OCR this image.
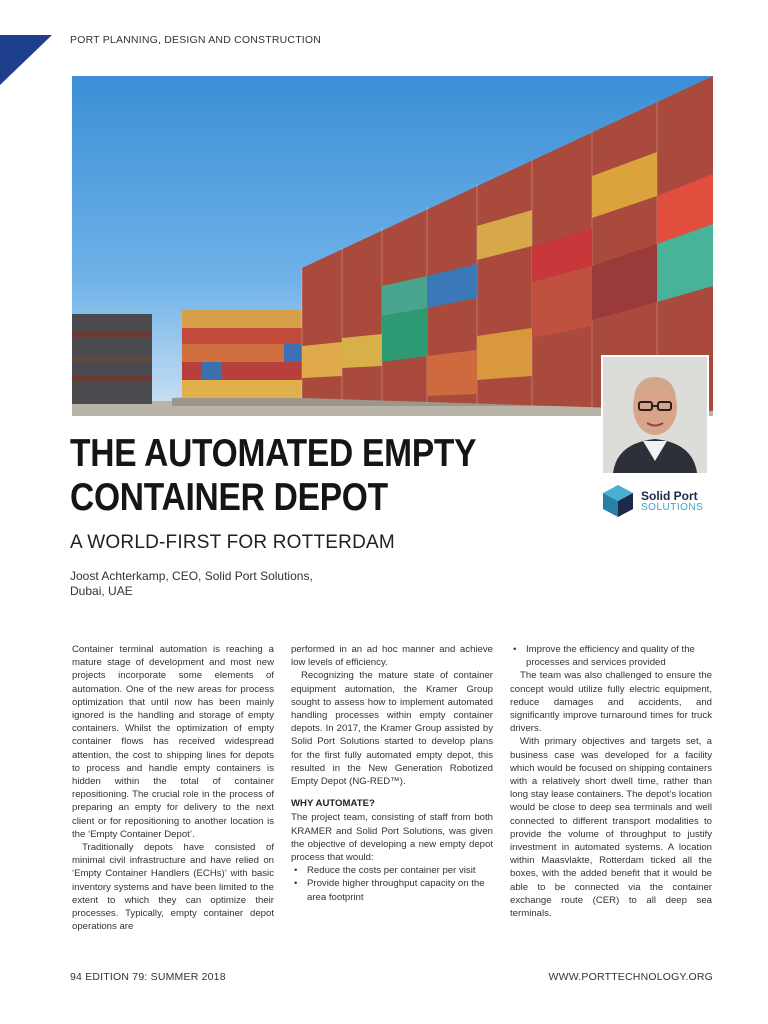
PORT PLANNING, DESIGN AND CONSTRUCTION
Solid Port
SOLUTIONS
THE AUTOMATED EMPTY
CONTAINER DEPOT
A WORLD-FIRST FOR ROTTERDAM
Joost Achterkamp, CEO, Solid Port Solutions,
Dubai, UAE

Container terminal automation is reaching a mature stage of development and most new projects incorporate some elements of automation. One of the new areas for process optimization that until now has been mainly ignored is the handling and storage of empty containers. Whilst the optimization of empty container flows has received widespread attention, the cost to shipping lines for depots to process and handle empty containers is hidden within the total of container repositioning. The crucial role in the process of preparing an empty for delivery to the next client or for repositioning to another location is the ‘Empty Container Depot’.

Traditionally depots have consisted of minimal civil infrastructure and have relied on ‘Empty Container Handlers (ECHs)’ with basic inventory systems and have been limited to the extent to which they can optimize their processes. Typically, empty container depot operations are

performed in an ad hoc manner and achieve low levels of efficiency.

Recognizing the mature state of container equipment automation, the Kramer Group sought to assess how to implement automated handling processes within empty container depots. In 2017, the Kramer Group assisted by Solid Port Solutions started to develop plans for the first fully automated empty depot, this resulted in the New Generation Robotized Empty Depot (NG-RED™).

WHY AUTOMATE?

The project team, consisting of staff from both KRAMER and Solid Port Solutions, was given the objective of developing a new empty depot process that would:

• Reduce the costs per container per visit
• Provide higher throughput capacity on the area footprint
• Improve the efficiency and quality of the processes and services provided

The team was also challenged to ensure the concept would utilize fully electric equipment, reduce damages and accidents, and significantly improve turnaround times for truck drivers.

With primary objectives and targets set, a business case was developed for a facility which would be focused on shipping containers with a relatively short dwell time, rather than long stay lease containers. The depot’s location would be close to deep sea terminals and well connected to different transport modalities to provide the volume of throughput to justify investment in automated systems. A location within Maasvlakte, Rotterdam ticked all the boxes, with the added benefit that it would be able to be connected via the container exchange route (CER) to all deep sea terminals.

94 EDITION 79: SUMMER 2018	WWW.PORTTECHNOLOGY.ORG
